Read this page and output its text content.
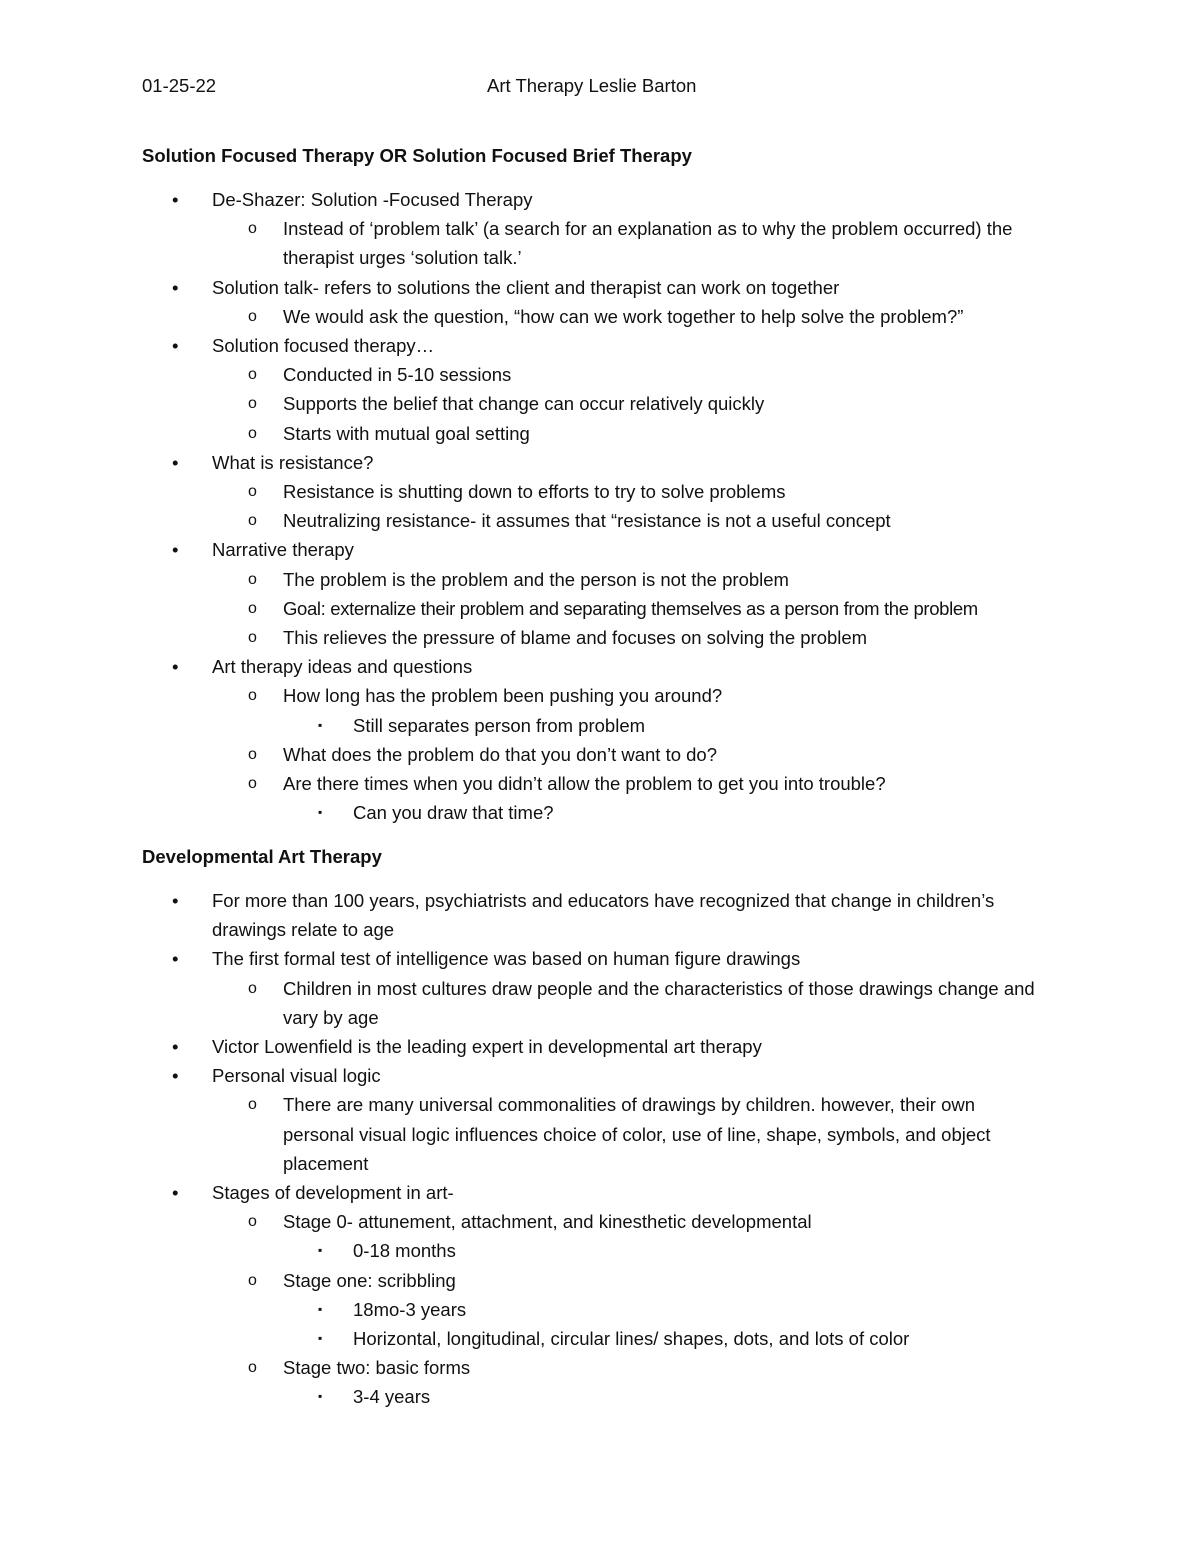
01-25-22	Art Therapy Leslie Barton
Solution Focused Therapy OR Solution Focused Brief Therapy
• De-Shazer: Solution -Focused Therapy
o Instead of ‘problem talk’ (a search for an explanation as to why the problem occurred) the therapist urges ‘solution talk.’
• Solution talk- refers to solutions the client and therapist can work on together
o We would ask the question, “how can we work together to help solve the problem?”
• Solution focused therapy…
o Conducted in 5-10 sessions
o Supports the belief that change can occur relatively quickly
o Starts with mutual goal setting
• What is resistance?
o Resistance is shutting down to efforts to try to solve problems
o Neutralizing resistance- it assumes that “resistance is not a useful concept
• Narrative therapy
o The problem is the problem and the person is not the problem
o Goal: externalize their problem and separating themselves as a person from the problem
o This relieves the pressure of blame and focuses on solving the problem
• Art therapy ideas and questions
o How long has the problem been pushing you around?
▪ Still separates person from problem
o What does the problem do that you don’t want to do?
o Are there times when you didn’t allow the problem to get you into trouble?
▪ Can you draw that time?
Developmental Art Therapy
• For more than 100 years, psychiatrists and educators have recognized that change in children’s drawings relate to age
• The first formal test of intelligence was based on human figure drawings
o Children in most cultures draw people and the characteristics of those drawings change and vary by age
• Victor Lowenfield is the leading expert in developmental art therapy
• Personal visual logic
o There are many universal commonalities of drawings by children. however, their own personal visual logic influences choice of color, use of line, shape, symbols, and object placement
• Stages of development in art-
o Stage 0- attunement, attachment, and kinesthetic developmental
▪ 0-18 months
o Stage one: scribbling
▪ 18mo-3 years
▪ Horizontal, longitudinal, circular lines/ shapes, dots, and lots of color
o Stage two: basic forms
▪ 3-4 years
